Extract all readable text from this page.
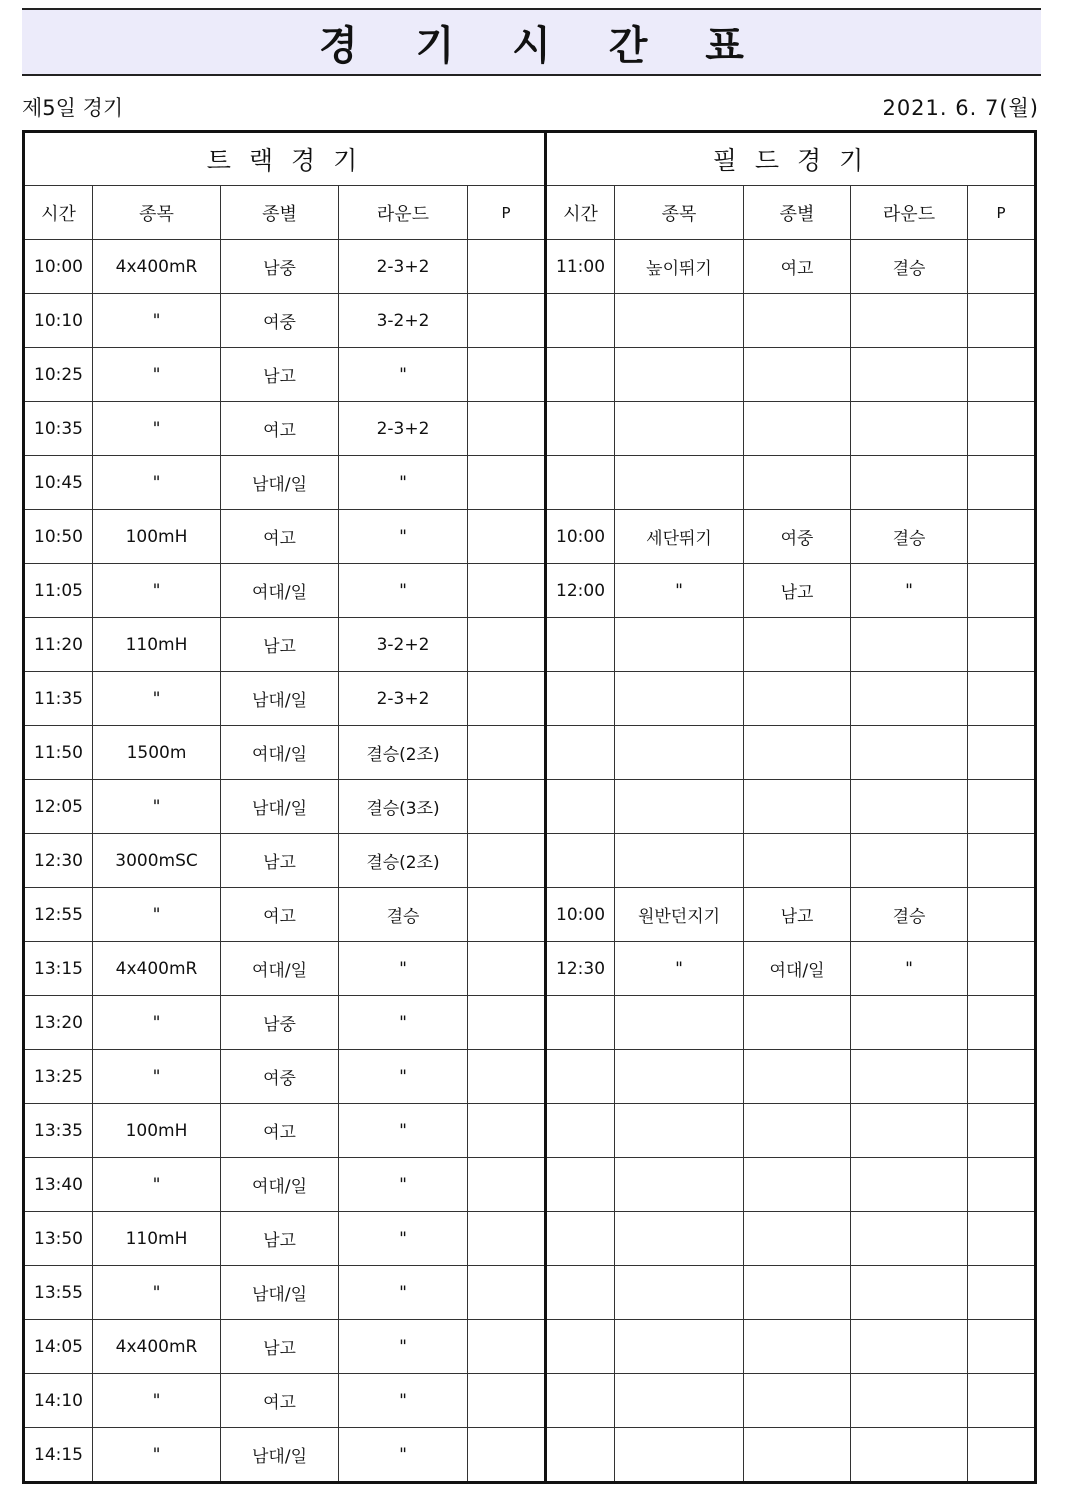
경 기 시 간 표
제5일 경기	2021. 6. 7(월)
트 랙 경 기					필 드 경 기				
시간	종목	종별	라운드	P	시간	종목	종별	라운드	P
10:00	4x400mR	남중	2-3+2		11:00	높이뛰기	여고	결승	
10:10	"	여중	3-2+2						
10:25	"	남고	"						
10:35	"	여고	2-3+2						
10:45	"	남대/일	"						
10:50	100mH	여고	"		10:00	세단뛰기	여중	결승	
11:05	"	여대/일	"		12:00	"	남고	"	
11:20	110mH	남고	3-2+2						
11:35	"	남대/일	2-3+2						
11:50	1500m	여대/일	결승(2조)						
12:05	"	남대/일	결승(3조)						
12:30	3000mSC	남고	결승(2조)						
12:55	"	여고	결승		10:00	원반던지기	남고	결승	
13:15	4x400mR	여대/일	"		12:30	"	여대/일	"	
13:20	"	남중	"						
13:25	"	여중	"						
13:35	100mH	여고	"						
13:40	"	여대/일	"						
13:50	110mH	남고	"						
13:55	"	남대/일	"						
14:05	4x400mR	남고	"						
14:10	"	여고	"						
14:15	"	남대/일	"						
